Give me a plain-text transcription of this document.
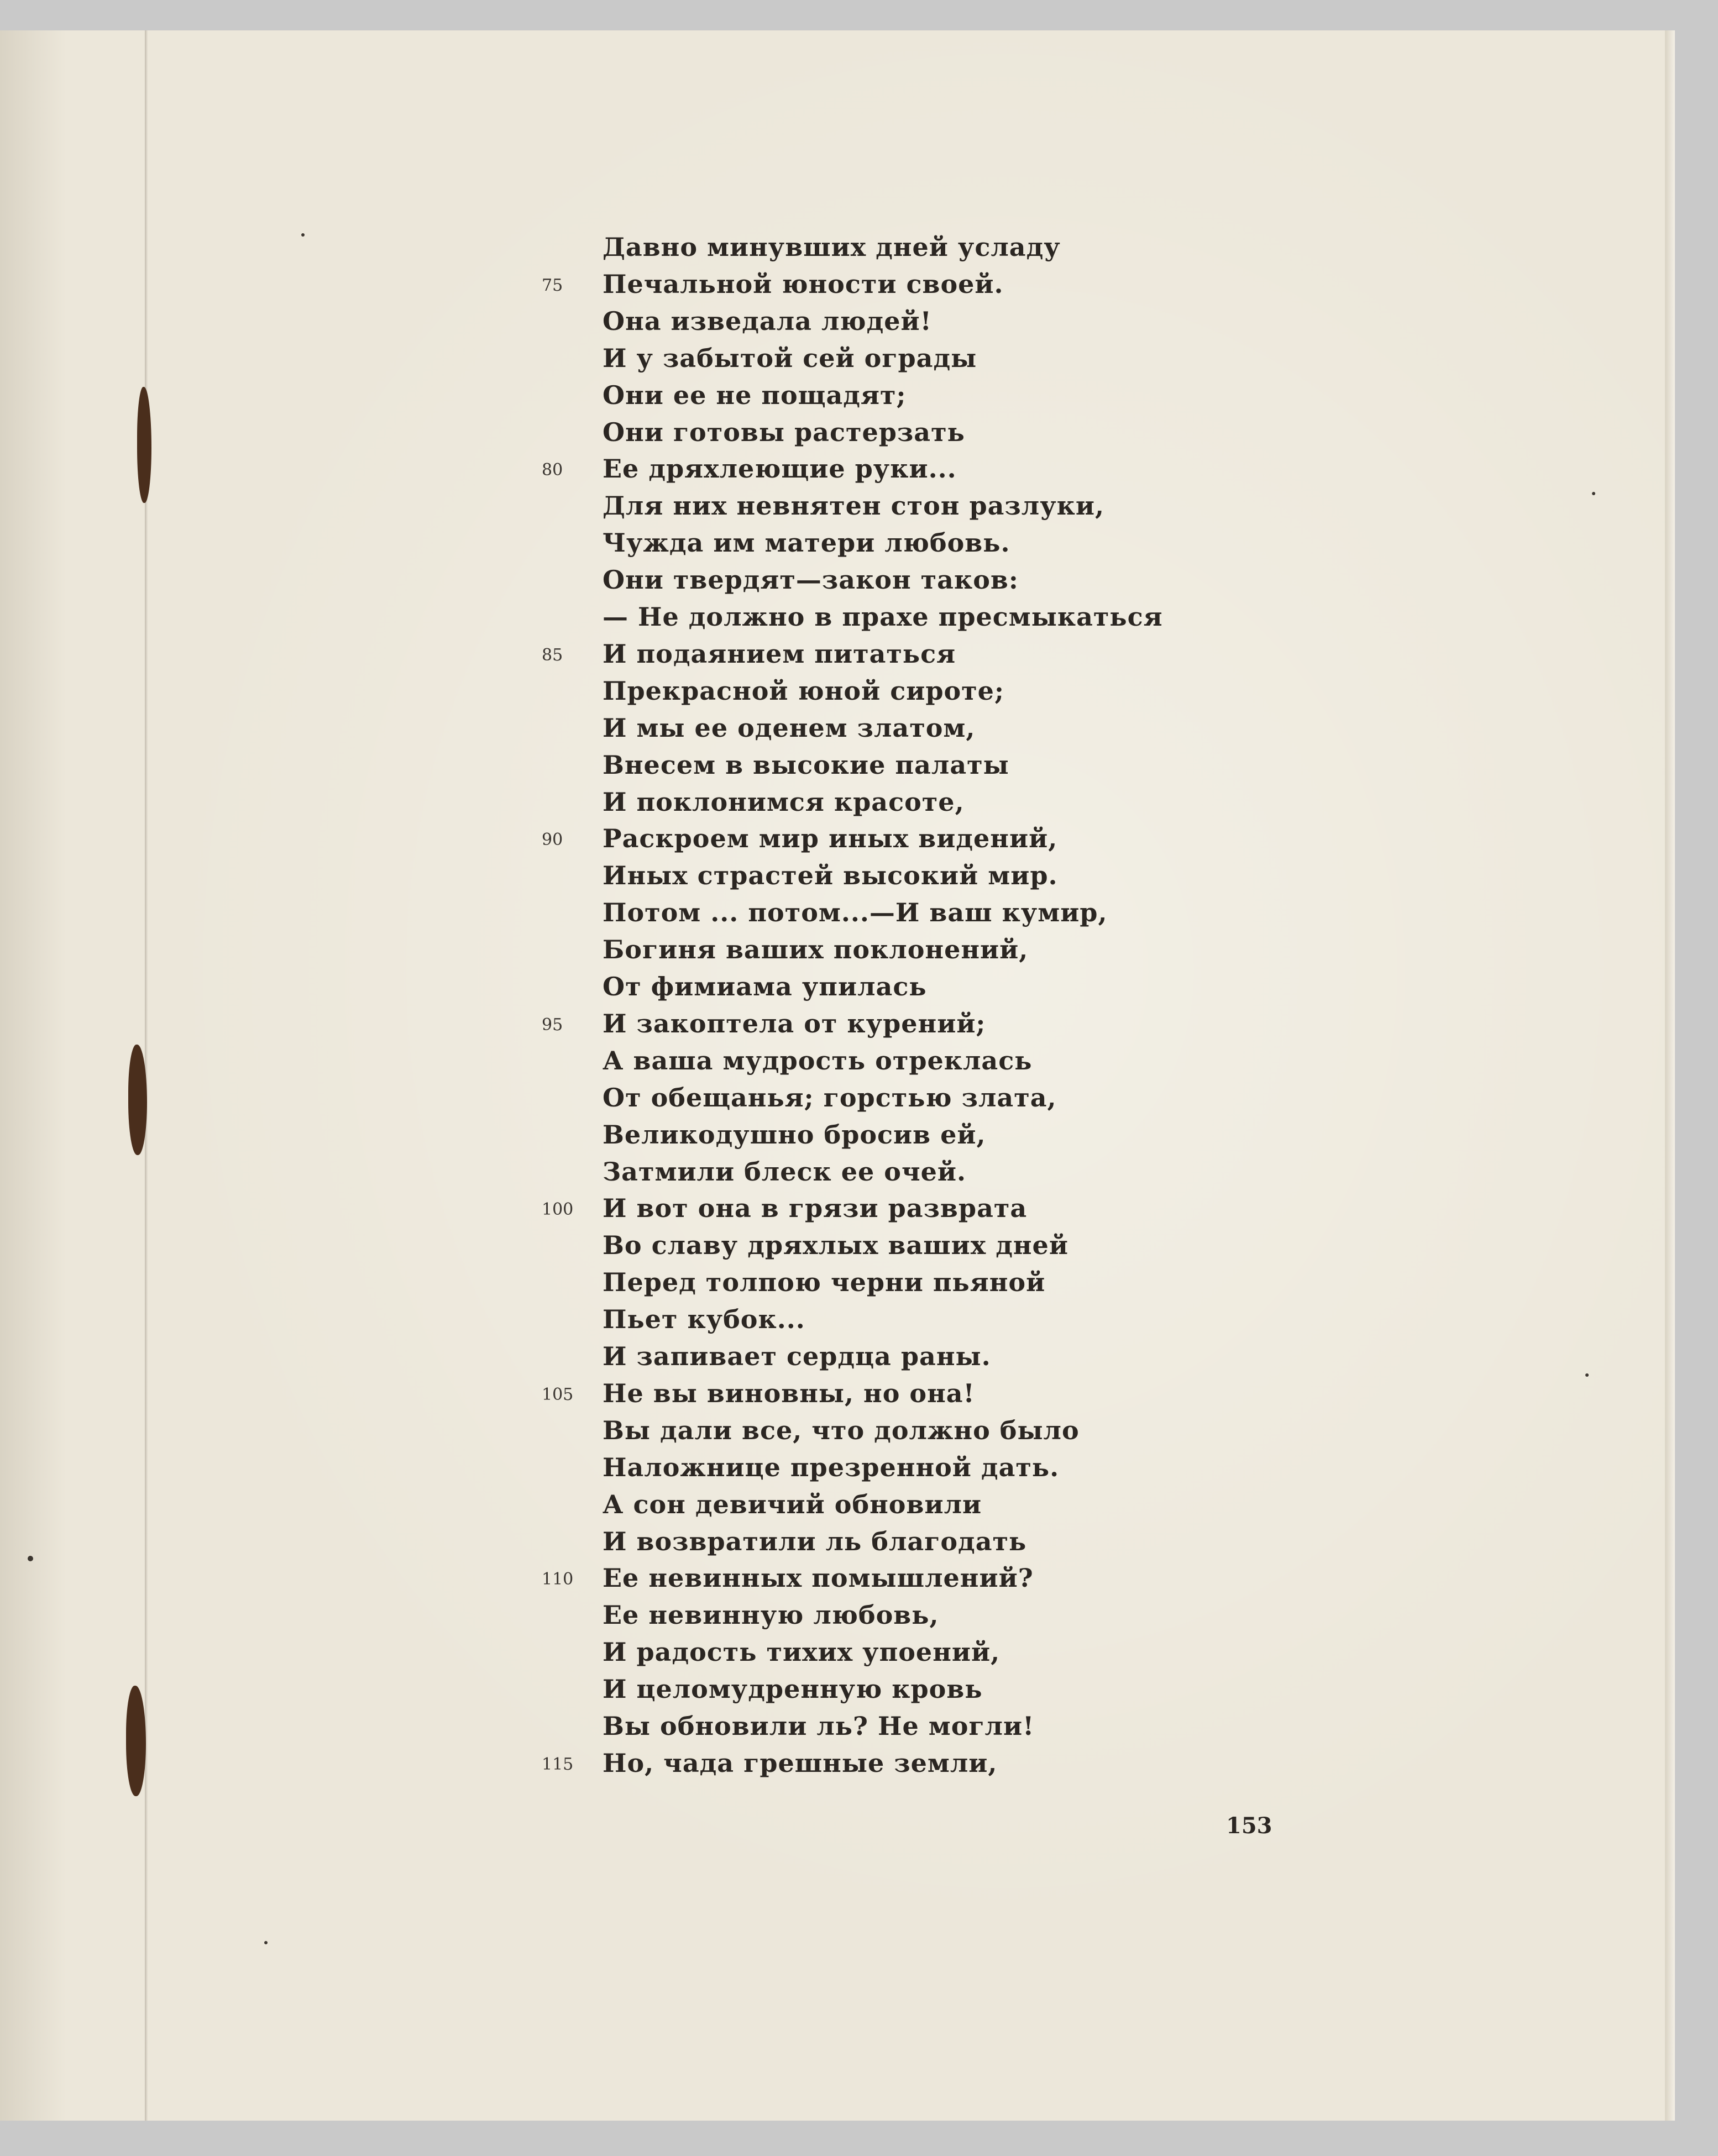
Давно минувших дней усладу
Печальной юности своей.
75
Она изведала людей!
И у забытой сей ограды
Они ее не пощадят;
Они готовы растерзать
Ее дряхлеющие руки...
80
Для них невнятен стон разлуки,
Чужда им матери любовь.
Они твердят—закон таков:
— Не должно в прахе пресмыкаться
И подаянием питаться
85
Прекрасной юной сироте;
И мы ее оденем златом,
Внесем в высокие палаты
И поклонимся красоте,
Раскроем мир иных видений,
90
Иных страстей высокий мир.
Потом ... потом...—И ваш кумир,
Богиня ваших поклонений,
От фимиама упилась
И закоптела от курений;
95
А ваша мудрость отреклась
От обещанья; горстью злата,
Великодушно бросив ей,
Затмили блеск ее очей.
И вот она в грязи разврата
100
Во славу дряхлых ваших дней
Перед толпою черни пьяной
Пьет кубок...
И запивает сердца раны.
Не вы виновны, но она!
105
Вы дали все, что должно было
Наложнице презренной дать.
А сон девичий обновили
И возвратили ль благодать
Ее невинных помышлений?
110
Ее невинную любовь,
И радость тихих упоений,
И целомудренную кровь
Вы обновили ль? Не могли!
Но, чада грешные земли,
115
153
